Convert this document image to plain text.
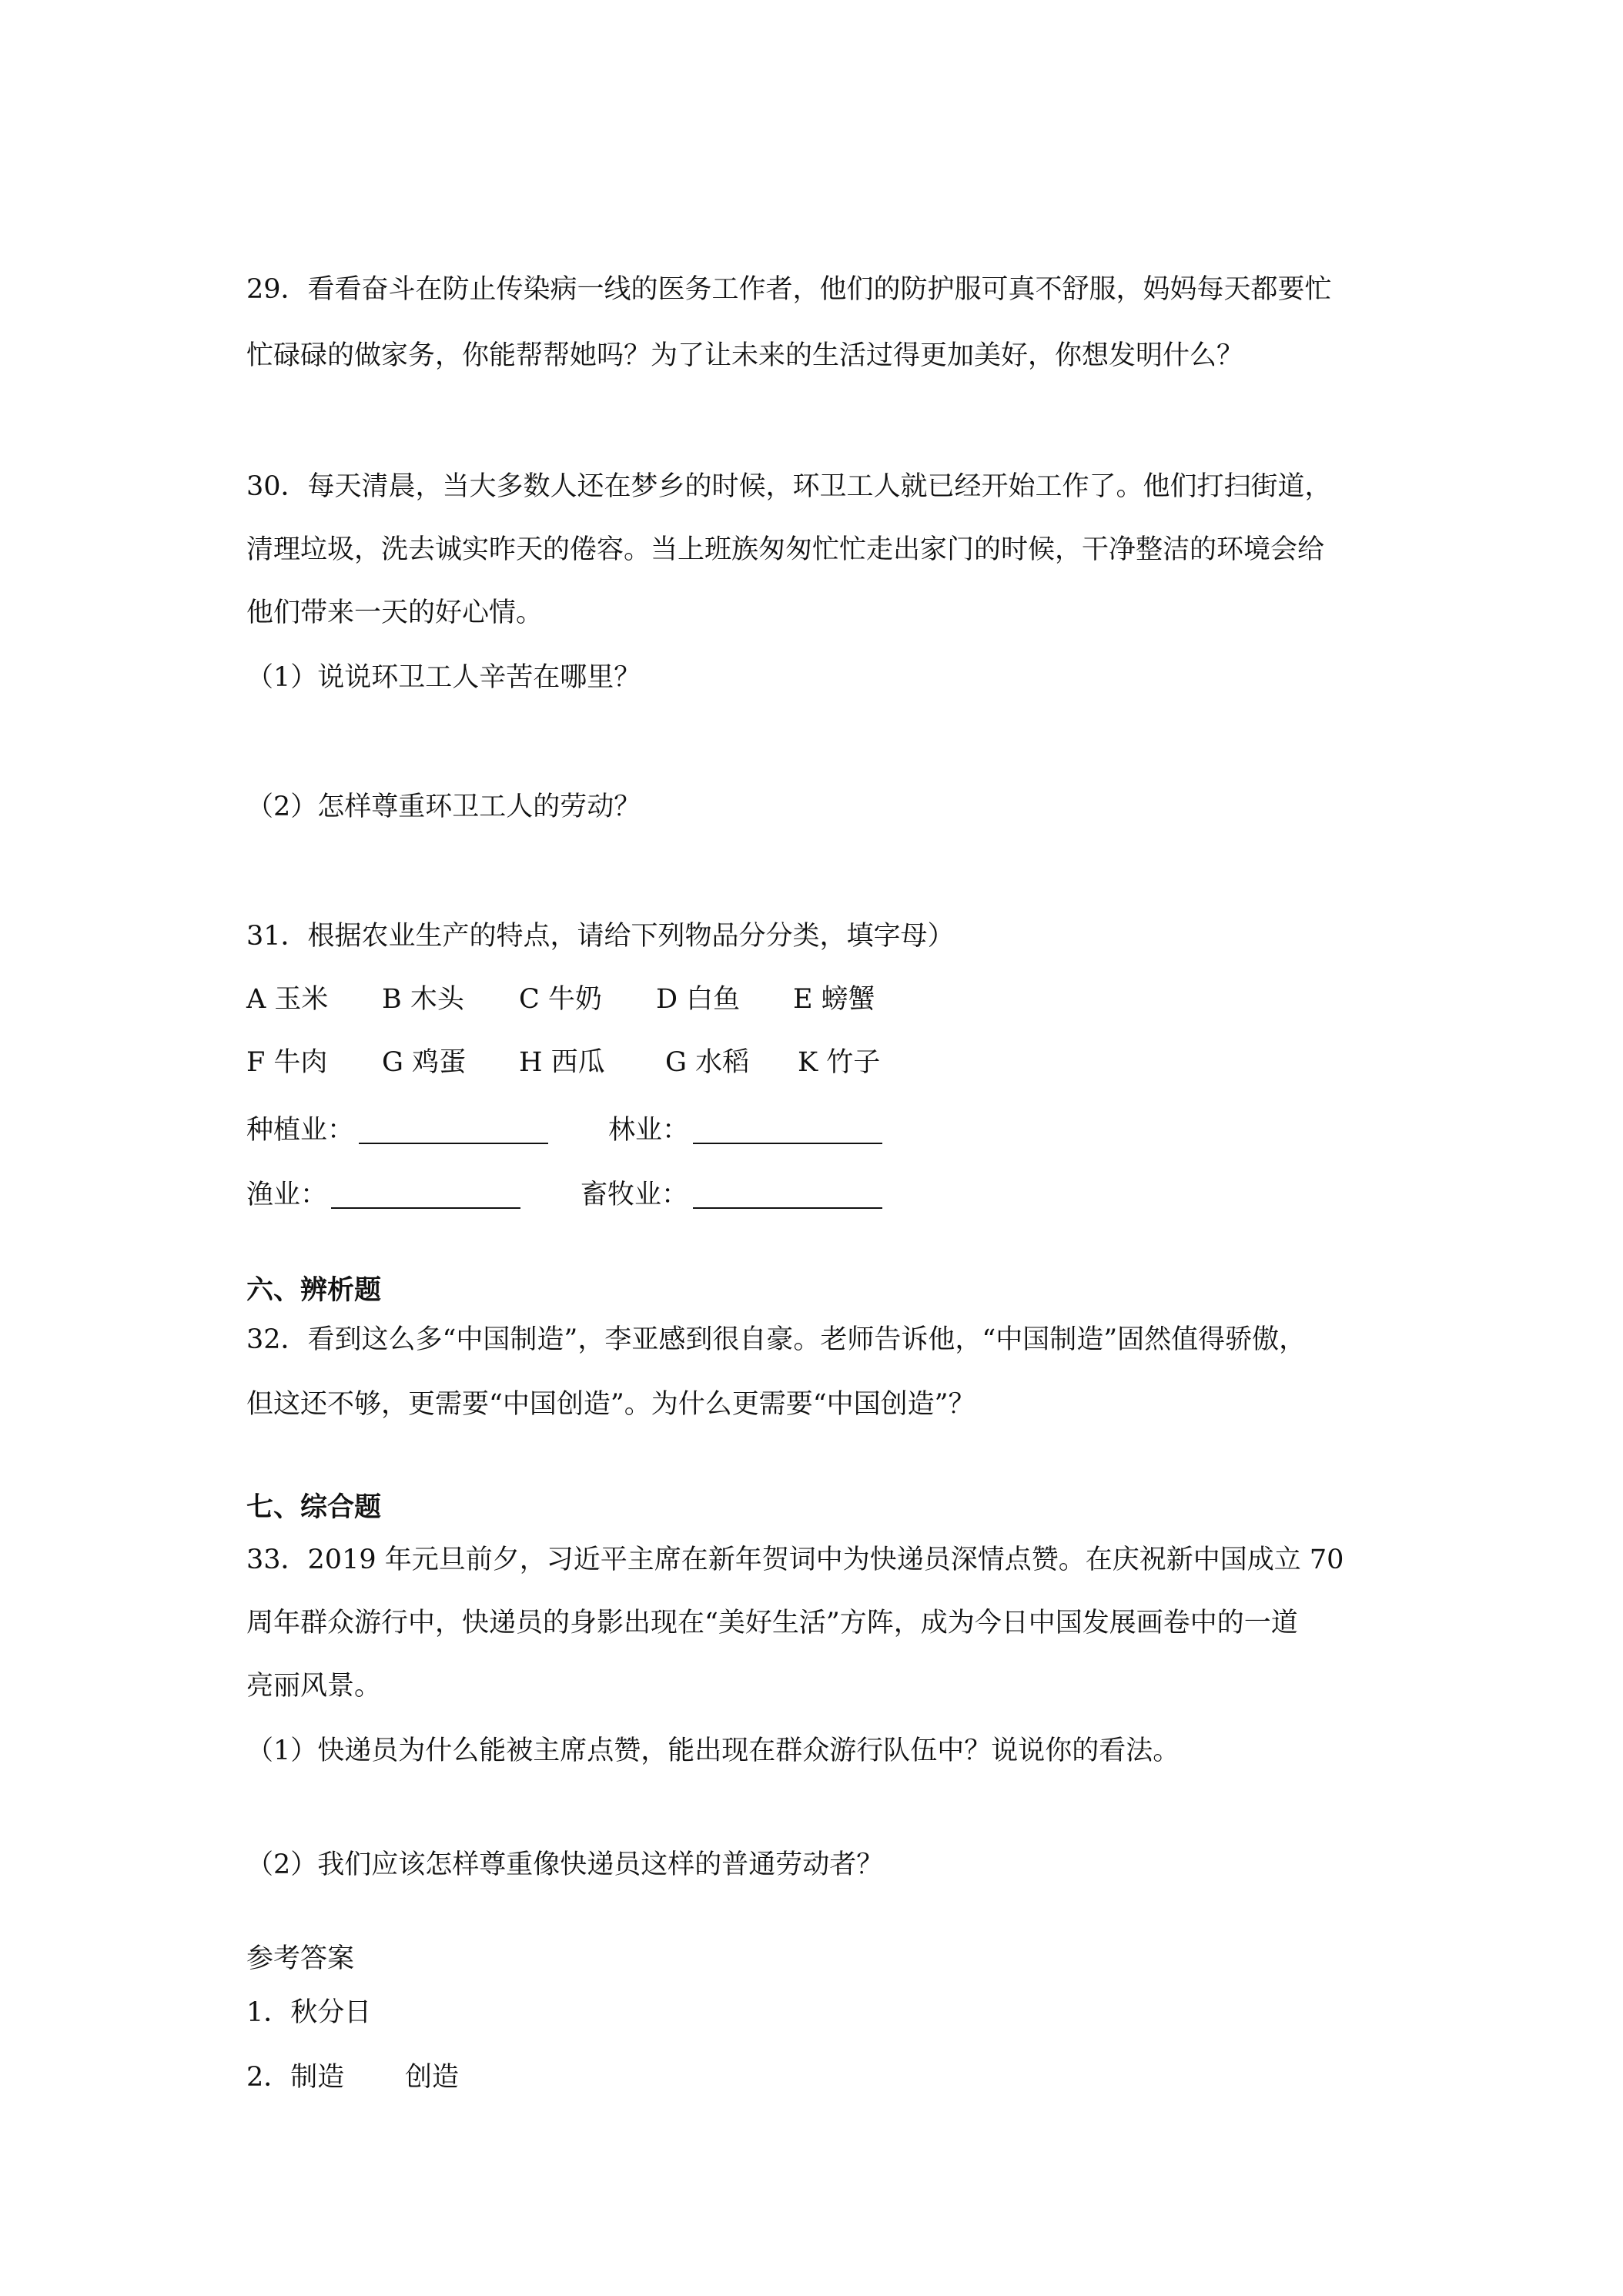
29．看看奋斗在防止传染病一线的医务工作者，他们的防护服可真不舒服，妈妈每天都要忙
忙碌碌的做家务，你能帮帮她吗？为了让未来的生活过得更加美好，你想发明什么？
30．每天清晨，当大多数人还在梦乡的时候，环卫工人就已经开始工作了。他们打扫街道，
清理垃圾，洗去诚实昨天的倦容。当上班族匆匆忙忙走出家门的时候，干净整洁的环境会给
他们带来一天的好心情。
（1）说说环卫工人辛苦在哪里？
（2）怎样尊重环卫工人的劳动？
31．根据农业生产的特点，请给下列物品分分类，填字母）
A 玉米 B 木头 C 牛奶 D 白鱼 E 螃蟹
F 牛肉 G 鸡蛋 H 西瓜 G 水稻 K 竹子
种植业：	林业：
渔业：	畜牧业：
六、辨析题
32．看到这么多“中国制造”，李亚感到很自豪。老师告诉他，“中国制造”固然值得骄傲，
但这还不够，更需要“中国创造”。为什么更需要“中国创造”？
七、综合题
33．2019 年元旦前夕，习近平主席在新年贺词中为快递员深情点赞。在庆祝新中国成立 70
周年群众游行中，快递员的身影出现在“美好生活”方阵，成为今日中国发展画卷中的一道
亮丽风景。
（1）快递员为什么能被主席点赞，能出现在群众游行队伍中？说说你的看法。
（2）我们应该怎样尊重像快递员这样的普通劳动者？
参考答案
1．秋分日
2．制造 创造
